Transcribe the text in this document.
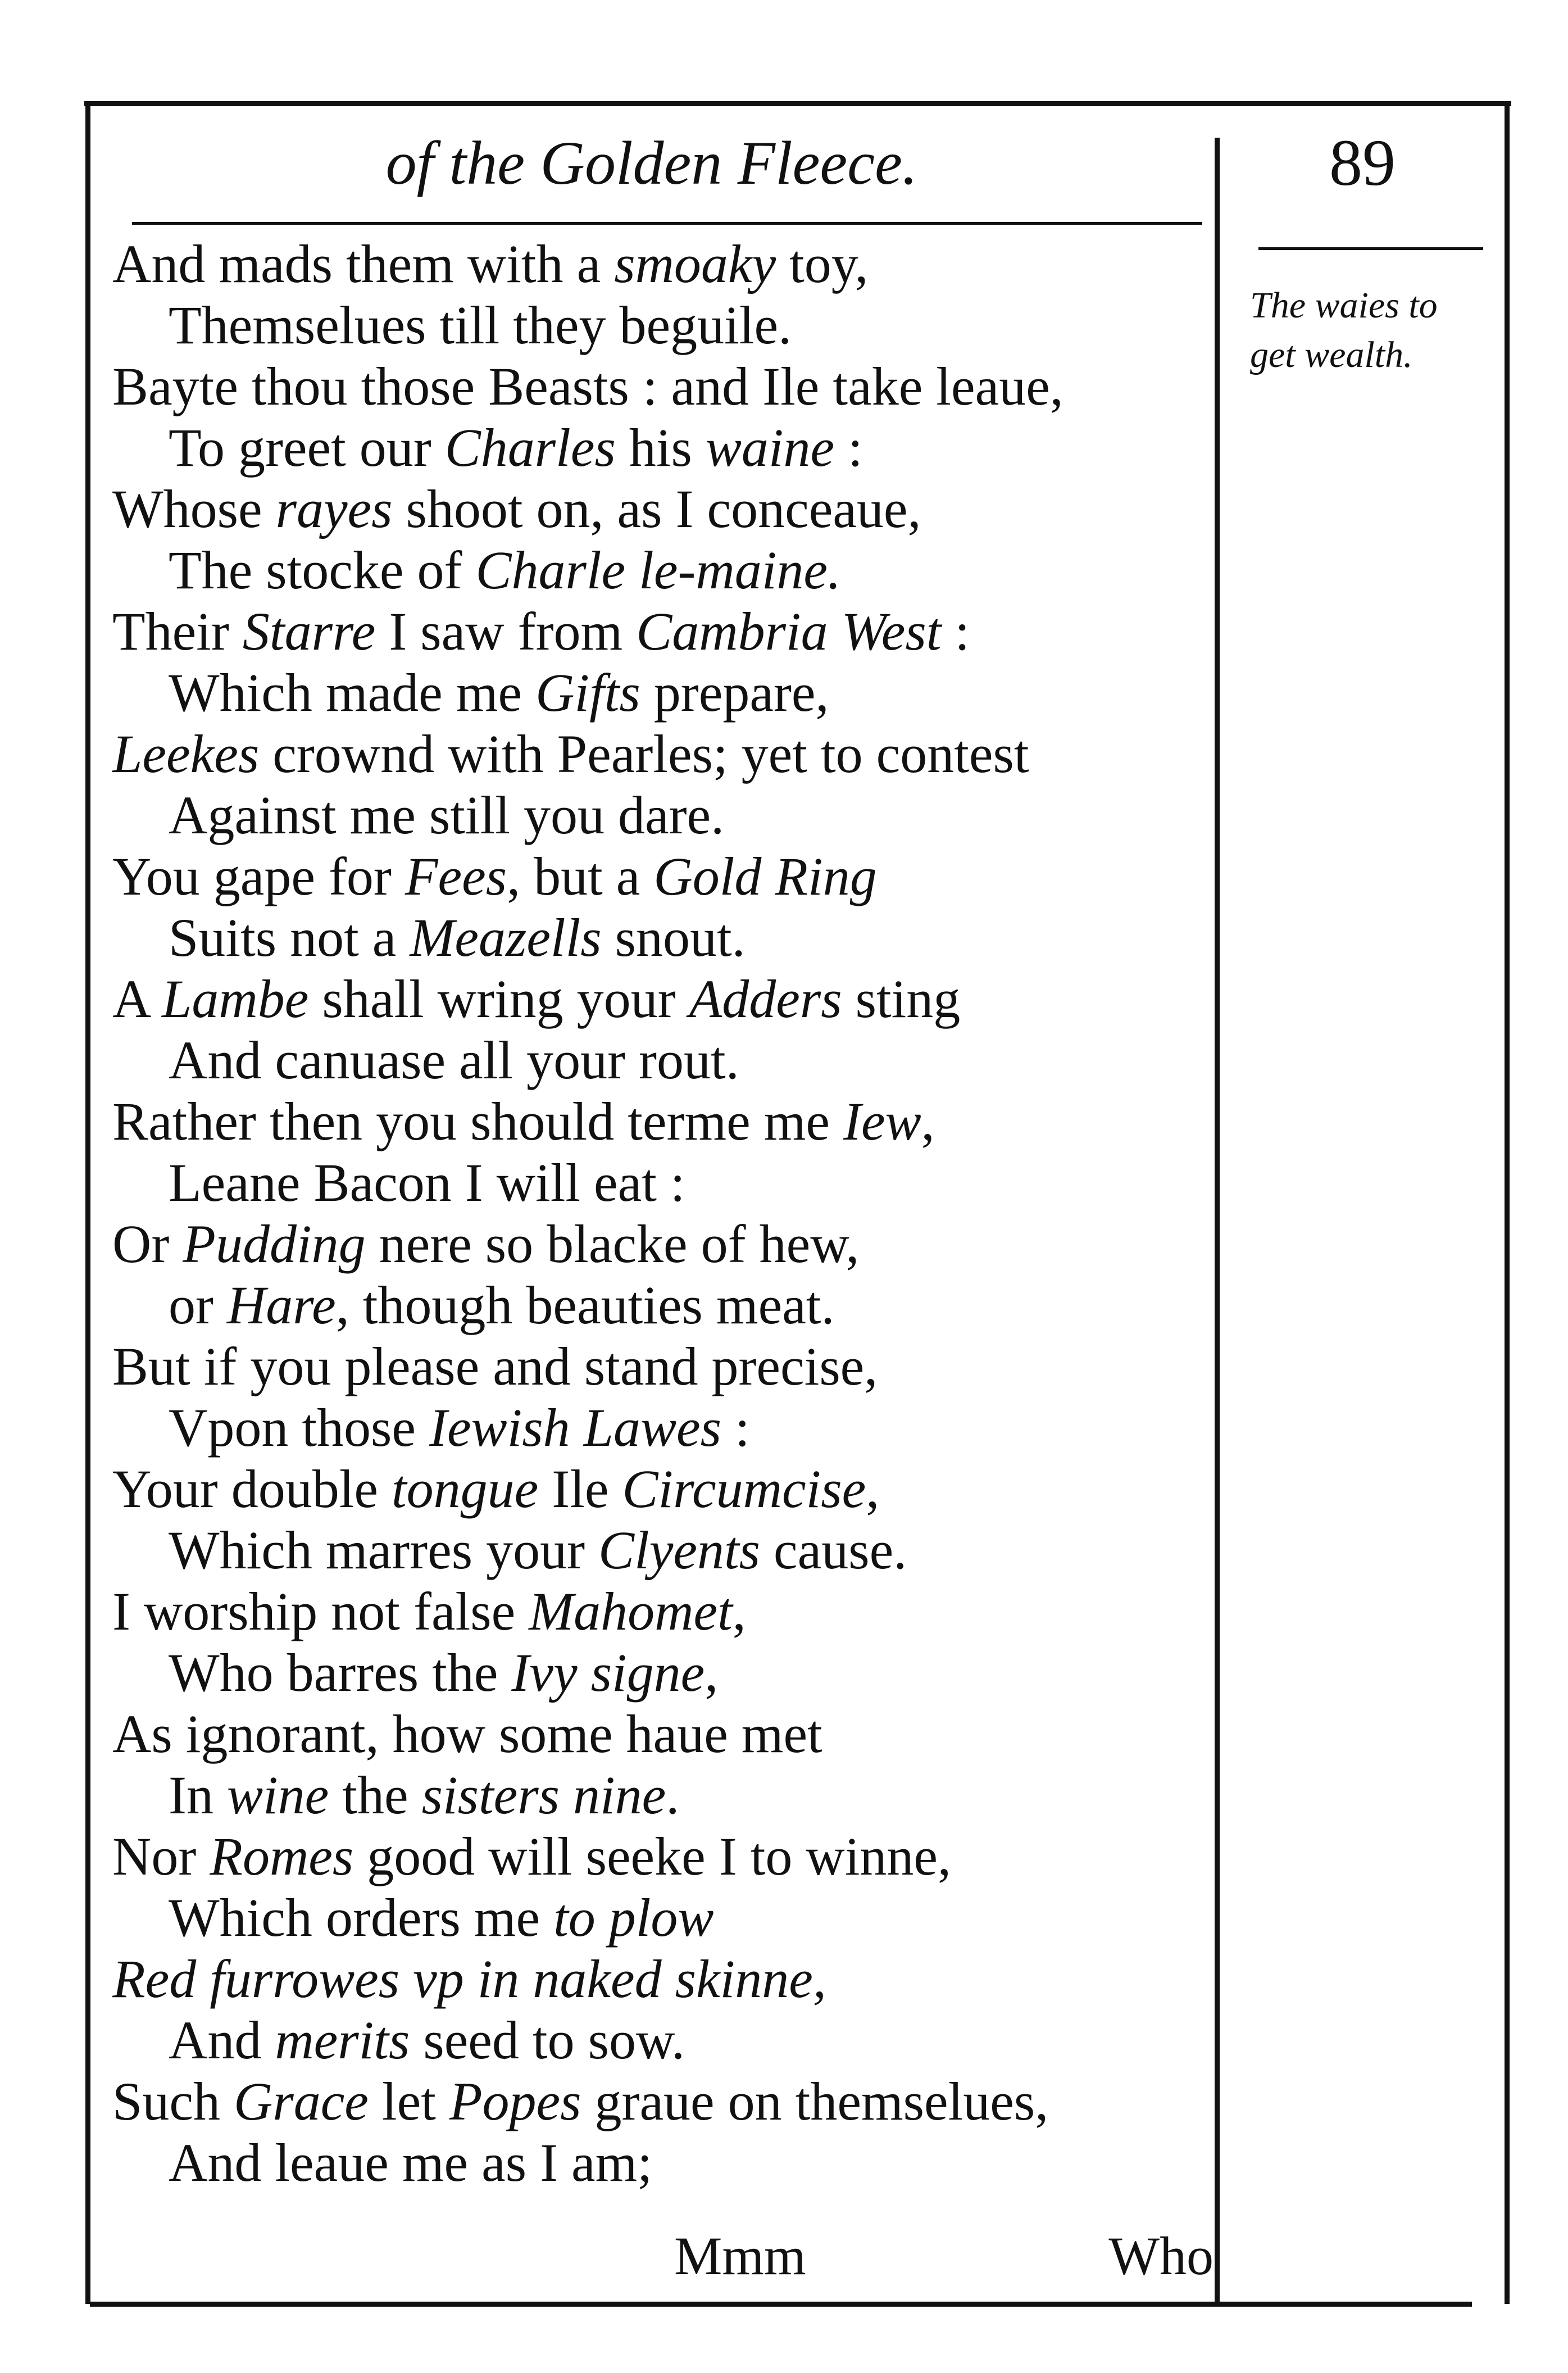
of the Golden Fleece.	89
The waies to
get wealth.
And mads them with a smoaky toy,
Themselues till they beguile.
Bayte thou those Beasts : and Ile take leaue,
To greet our Charles his waine :
Whose rayes shoot on, as I conceaue,
The stocke of Charle le-maine.
Their Starre I saw from Cambria West :
Which made me Gifts prepare,
Leekes crownd with Pearles; yet to contest
Against me still you dare.
You gape for Fees, but a Gold Ring
Suits not a Meazells snout.
A Lambe shall wring your Adders sting
And canuase all your rout.
Rather then you should terme me Iew,
Leane Bacon I will eat :
Or Pudding nere so blacke of hew,
or Hare, though beauties meat.
But if you please and stand precise,
Vpon those Iewish Lawes :
Your double tongue Ile Circumcise,
Which marres your Clyents cause.
I worship not false Mahomet,
Who barres the Ivy signe,
As ignorant, how some haue met
In wine the sisters nine.
Nor Romes good will seeke I to winne,
Which orders me to plow
Red furrowes vp in naked skinne,
And merits seed to sow.
Such Grace let Popes graue on themselues,
And leaue me as I am;
Mmm	Who
